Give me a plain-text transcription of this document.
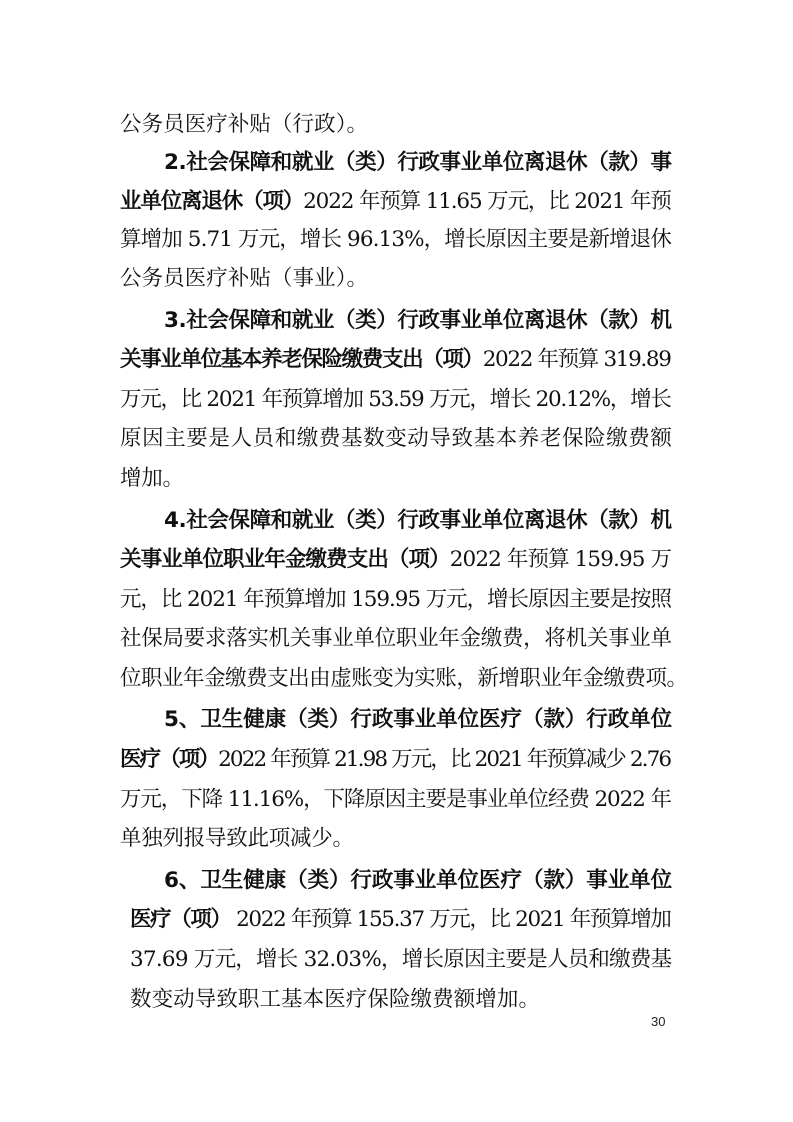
公务员医疗补贴（行政）。
2.社会保障和就业（类）行政事业单位离退休（款）事
业单位离退休（项）2022 年预算 11.65 万元，比 2021 年预
算增加 5.71 万元，增长 96.13%，增长原因主要是新增退休
公务员医疗补贴（事业）。
3.社会保障和就业（类）行政事业单位离退休（款）机
关事业单位基本养老保险缴费支出（项）2022 年预算 319.89
万元，比 2021 年预算增加 53.59 万元，增长 20.12%，增长
原因主要是人员和缴费基数变动导致基本养老保险缴费额
增加。
4.社会保障和就业（类）行政事业单位离退休（款）机
关事业单位职业年金缴费支出（项）2022 年预算 159.95 万
元，比 2021 年预算增加 159.95 万元，增长原因主要是按照
社保局要求落实机关事业单位职业年金缴费，将机关事业单
位职业年金缴费支出由虚账变为实账，新增职业年金缴费项。
5、卫生健康（类）行政事业单位医疗（款）行政单位
医疗（项）2022 年预算 21.98 万元，比 2021 年预算减少 2.76
万元，下降 11.16%，下降原因主要是事业单位经费 2022 年
单独列报导致此项减少。
6、卫生健康（类）行政事业单位医疗（款）事业单位
医疗（项） 2022 年预算 155.37 万元，比 2021 年预算增加
37.69 万元，增长 32.03%，增长原因主要是人员和缴费基
数变动导致职工基本医疗保险缴费额增加。
30
